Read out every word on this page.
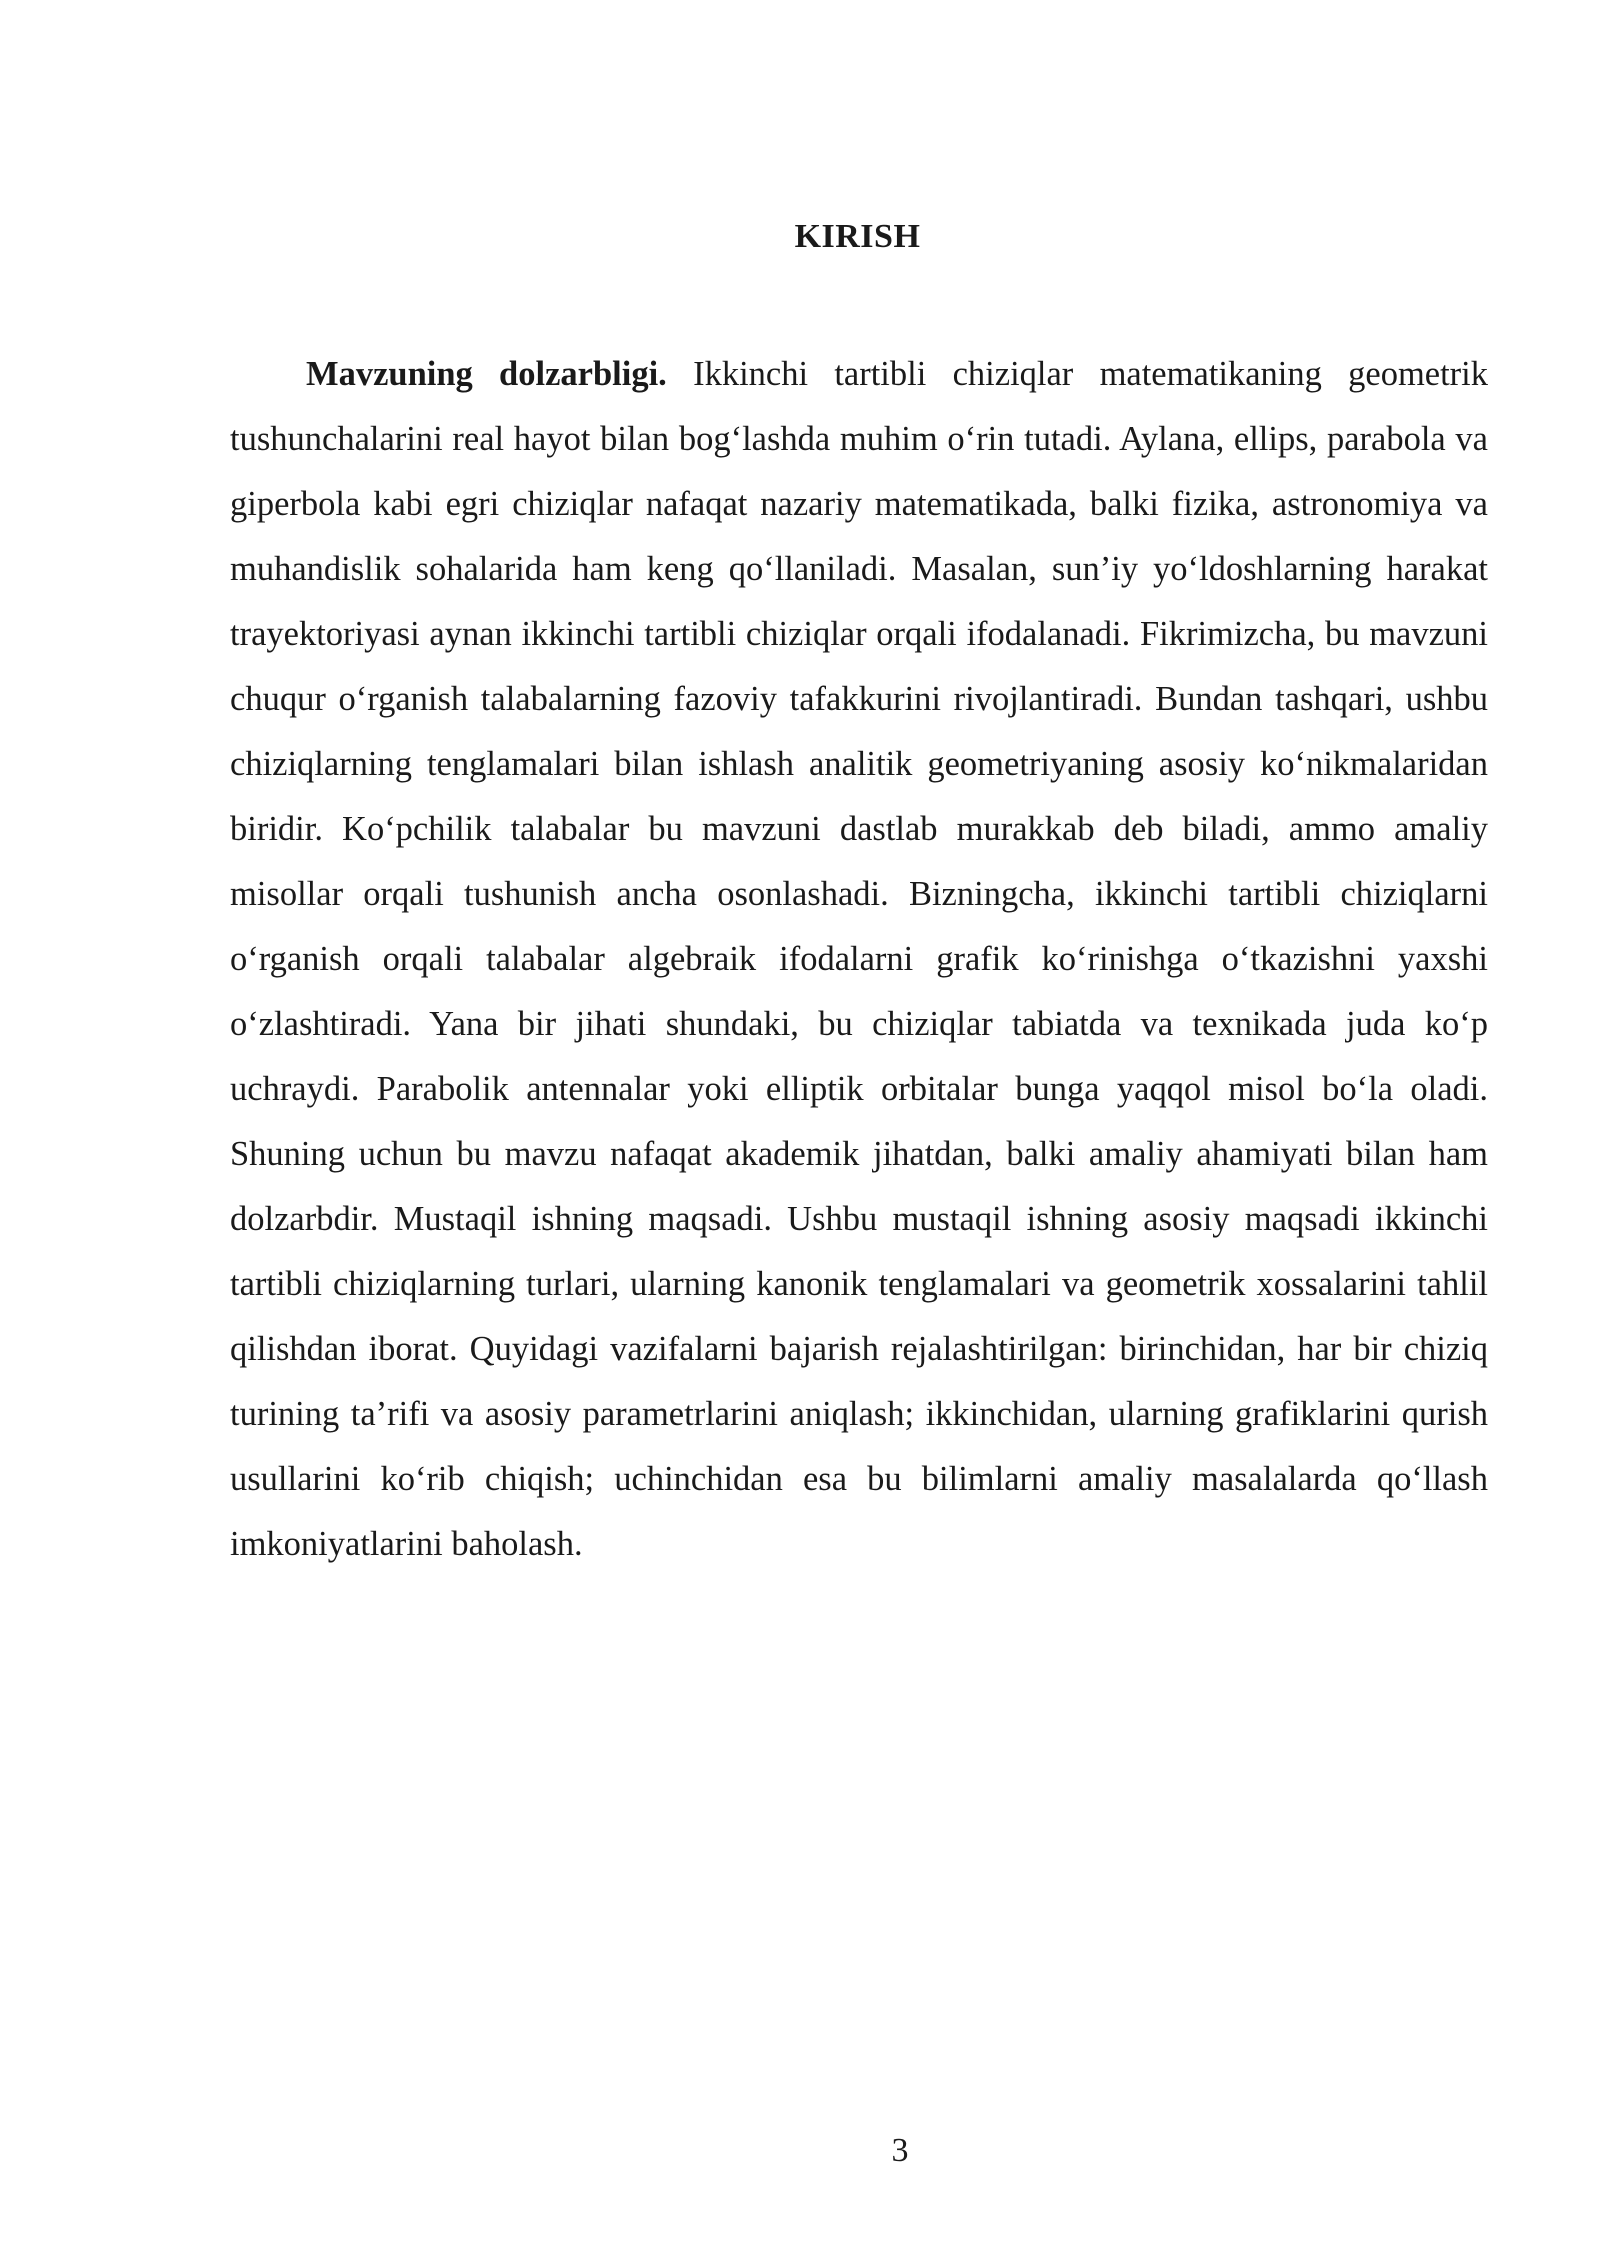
KIRISH

Mavzuning dolzarbligi. Ikkinchi tartibli chiziqlar matematikaning geometrik tushunchalarini real hayot bilan bog‘lashda muhim o‘rin tutadi. Aylana, ellips, parabola va giperbola kabi egri chiziqlar nafaqat nazariy matematikada, balki fizika, astronomiya va muhandislik sohalarida ham keng qo‘llaniladi. Masalan, sun’iy yo‘ldoshlarning harakat trayektoriyasi aynan ikkinchi tartibli chiziqlar orqali ifodalanadi. Fikrimizcha, bu mavzuni chuqur o‘rganish talabalarning fazoviy tafakkurini rivojlantiradi. Bundan tashqari, ushbu chiziqlarning tenglamalari bilan ishlash analitik geometriyaning asosiy ko‘nikmalaridan biridir. Ko‘pchilik talabalar bu mavzuni dastlab murakkab deb biladi, ammo amaliy misollar orqali tushunish ancha osonlashadi. Bizningcha, ikkinchi tartibli chiziqlarni o‘rganish orqali talabalar algebraik ifodalarni grafik ko‘rinishga o‘tkazishni yaxshi o‘zlashtiradi. Yana bir jihati shundaki, bu chiziqlar tabiatda va texnikada juda ko‘p uchraydi. Parabolik antennalar yoki elliptik orbitalar bunga yaqqol misol bo‘la oladi. Shuning uchun bu mavzu nafaqat akademik jihatdan, balki amaliy ahamiyati bilan ham dolzarbdir. Mustaqil ishning maqsadi. Ushbu mustaqil ishning asosiy maqsadi ikkinchi tartibli chiziqlarning turlari, ularning kanonik tenglamalari va geometrik xossalarini tahlil qilishdan iborat. Quyidagi vazifalarni bajarish rejalashtirilgan: birinchidan, har bir chiziq turining ta’rifi va asosiy parametrlarini aniqlash; ikkinchidan, ularning grafiklarini qurish usullarini ko‘rib chiqish; uchinchidan esa bu bilimlarni amaliy masalalarda qo‘llash imkoniyatlarini baholash.

3
